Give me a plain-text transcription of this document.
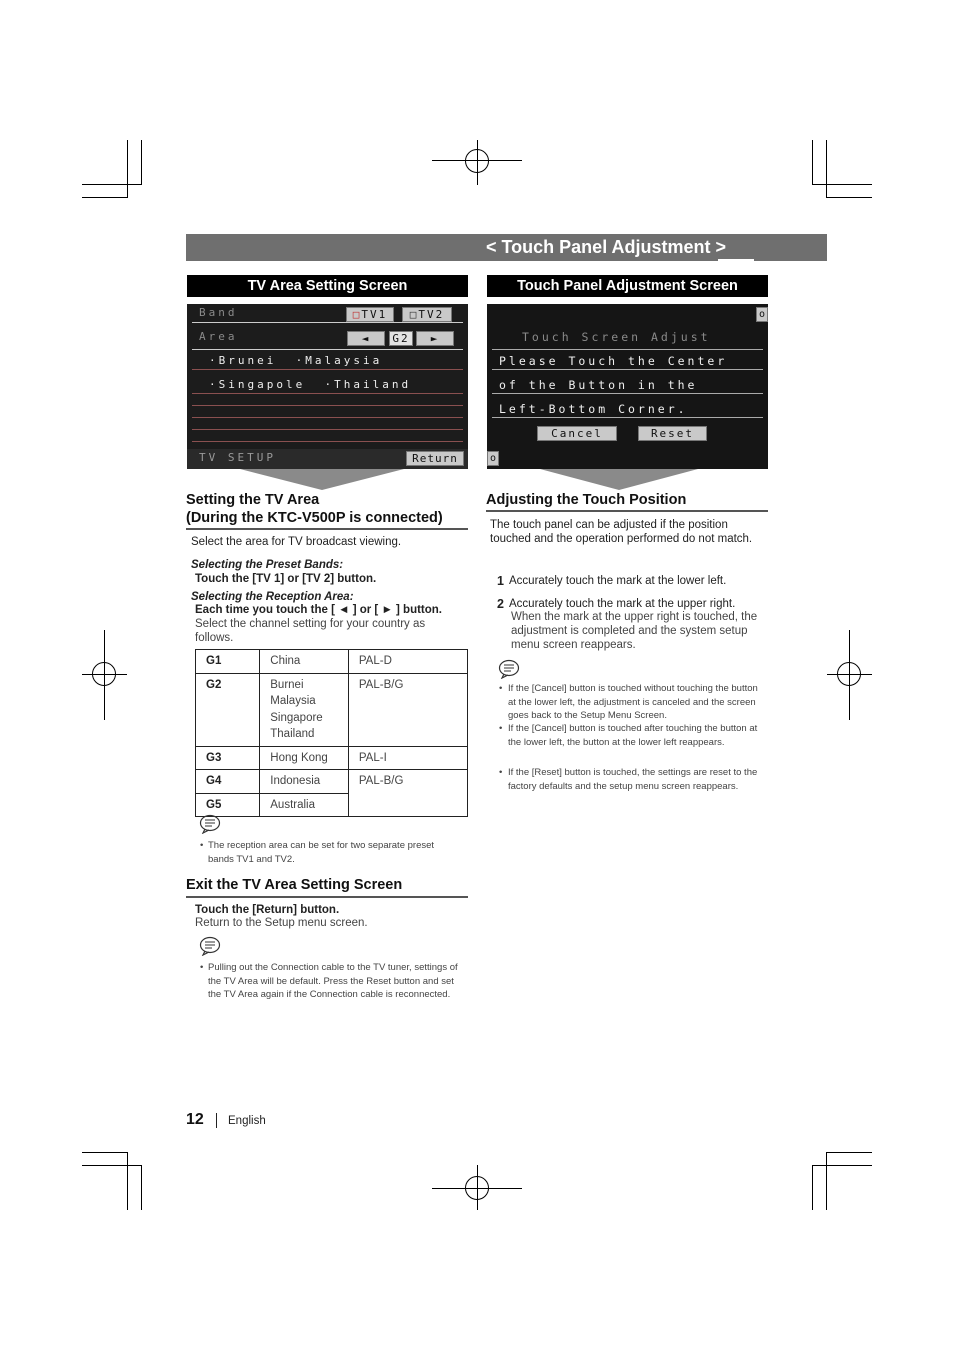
< Touch Panel Adjustment >
TV Area Setting Screen
Band	□TV1	□TV2
Area	◄	G2	►
·Brunei  ·Malaysia
·Singapole  ·Thailand
TV SETUP	Return
Setting the TV Area
(During the KTC-V500P is connected)
Select the area for TV broadcast viewing.
Selecting the Preset Bands:
Touch the [TV 1] or [TV 2] button.
Selecting the Reception Area:
Each time you touch the [ ◄ ] or [ ► ] button.
Select the channel setting for your country as follows.
G1	China	PAL-D
G2	Burnei
Malaysia
Singapore
Thailand	PAL-B/G
G3	Hong Kong	PAL-I
G4	Indonesia	PAL-B/G
G5	Australia	
• The reception area can be set for two separate preset bands TV1 and TV2.
Exit the TV Area Setting Screen
Touch the [Return] button.
Return to the Setup menu screen.
• Pulling out the Connection cable to the TV tuner, settings of the TV Area will be default. Press the Reset button and set the TV Area again if the Connection cable is reconnected.
Touch Panel Adjustment Screen
o
Touch Screen Adjust
Please Touch the Center
of the Button in the
Left-Bottom Corner.
Cancel	Reset
o
Adjusting the Touch Position
The touch panel can be adjusted if the position touched and the operation performed do not match.
1 Accurately touch the mark at the lower left.
2 Accurately touch the mark at the upper right.
When the mark at the upper right is touched, the adjustment is completed and the system setup menu screen reappears.
• If the [Cancel] button is touched without touching the button at the lower left, the adjustment is canceled and the screen goes back to the Setup Menu Screen.
• If the [Cancel] button is touched after touching the button at the lower left, the button at the lower left reappears.
• If the [Reset] button is touched, the settings are reset to the factory defaults and the setup menu screen reappears.
12 English
